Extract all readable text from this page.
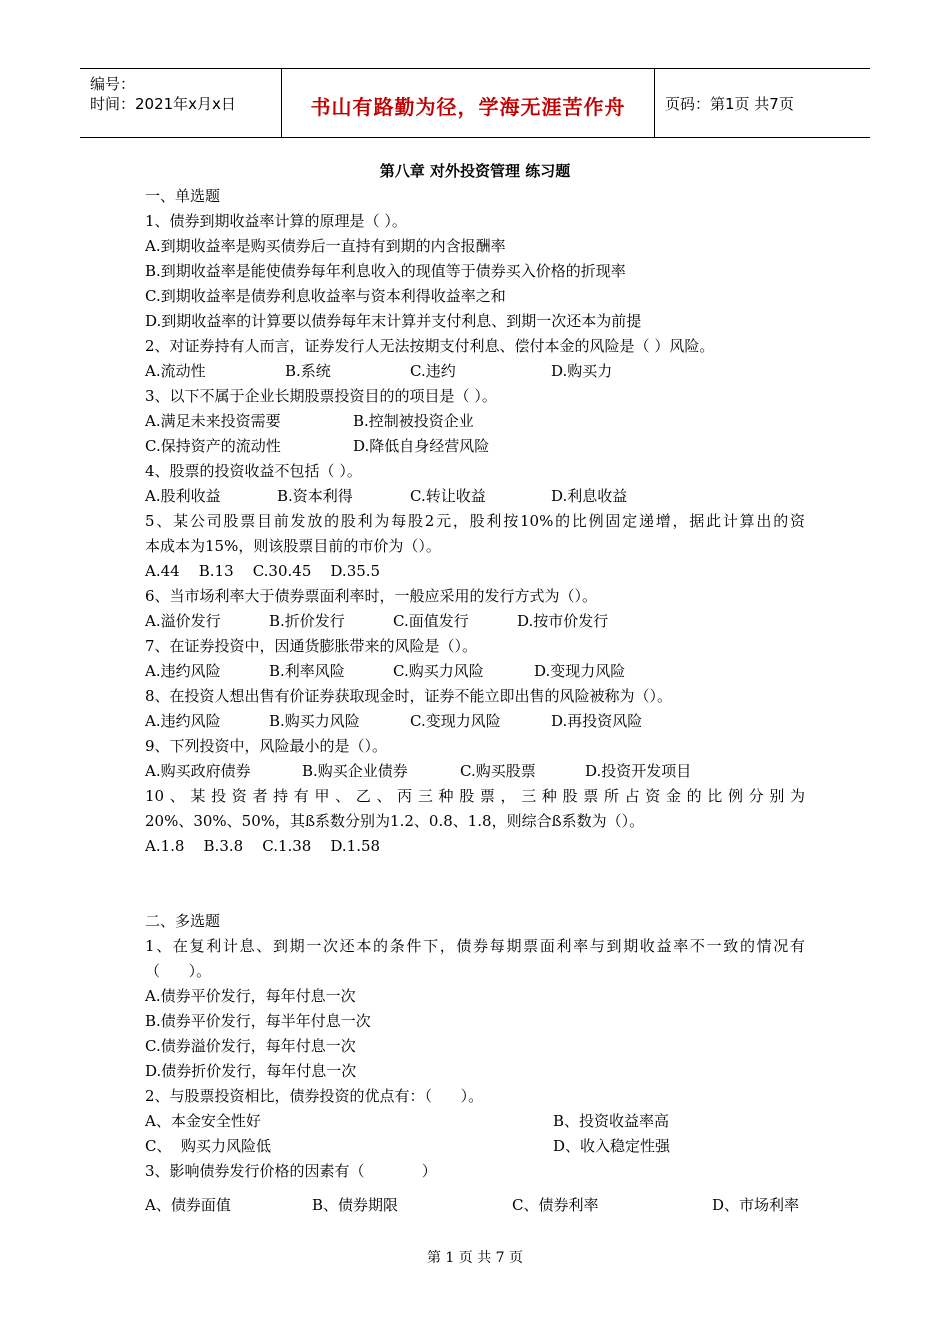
编号：
时间：2021年x月x日	书山有路勤为径，学海无涯苦作舟	页码：第1页 共7页
第八章 对外投资管理 练习题
一、单选题
1、债券到期收益率计算的原理是（ ）。
A.到期收益率是购买债券后一直持有到期的内含报酬率
B.到期收益率是能使债券每年利息收入的现值等于债券买入价格的折现率
C.到期收益率是债券利息收益率与资本利得收益率之和
D.到期收益率的计算要以债券每年末计算并支付利息、到期一次还本为前提
2、对证券持有人而言，证券发行人无法按期支付利息、偿付本金的风险是（ ）风险。
A.流动性	B.系统	C.违约	D.购买力
3、以下不属于企业长期股票投资目的的项目是（ ）。
A.满足未来投资需要	B.控制被投资企业
C.保持资产的流动性	D.降低自身经营风险
4、股票的投资收益不包括（ ）。
A.股利收益	B.资本利得	C.转让收益	D.利息收益
5、某公司股票目前发放的股利为每股2元，股利按10%的比例固定递增，据此计算出的资
本成本为15%，则该股票目前的市价为（）。
A.44    B.13    C.30.45    D.35.5
6、当市场利率大于债券票面利率时，一般应采用的发行方式为（）。
A.溢价发行	B.折价发行	C.面值发行	D.按市价发行
7、在证券投资中，因通货膨胀带来的风险是（）。
A.违约风险	B.利率风险	C.购买力风险	D.变现力风险
8、在投资人想出售有价证券获取现金时，证券不能立即出售的风险被称为（）。
A.违约风险	B.购买力风险	C.变现力风险	D.再投资风险
9、下列投资中，风险最小的是（）。
A.购买政府债券	B.购买企业债券	C.购买股票	D.投资开发项目
10、某投资者持有甲、乙、丙三种股票，三种股票所占资金的比例分别为
20%、30%、50%，其ß系数分别为1.2、0.8、1.8，则综合ß系数为（）。
A.1.8    B.3.8    C.1.38    D.1.58
二、多选题
1、在复利计息、到期一次还本的条件下，债券每期票面利率与到期收益率不一致的情况有
（      ）。
A.债券平价发行，每年付息一次
B.债券平价发行，每半年付息一次
C.债券溢价发行，每年付息一次
D.债券折价发行，每年付息一次
2、与股票投资相比，债券投资的优点有：（      ）。
A、本金安全性好	B、投资收益率高
C、  购买力风险低	D、收入稳定性强
3、影响债券发行价格的因素有（            ）
A、债券面值	B、债券期限	C、债券利率	D、市场利率
第 1 页 共 7 页
